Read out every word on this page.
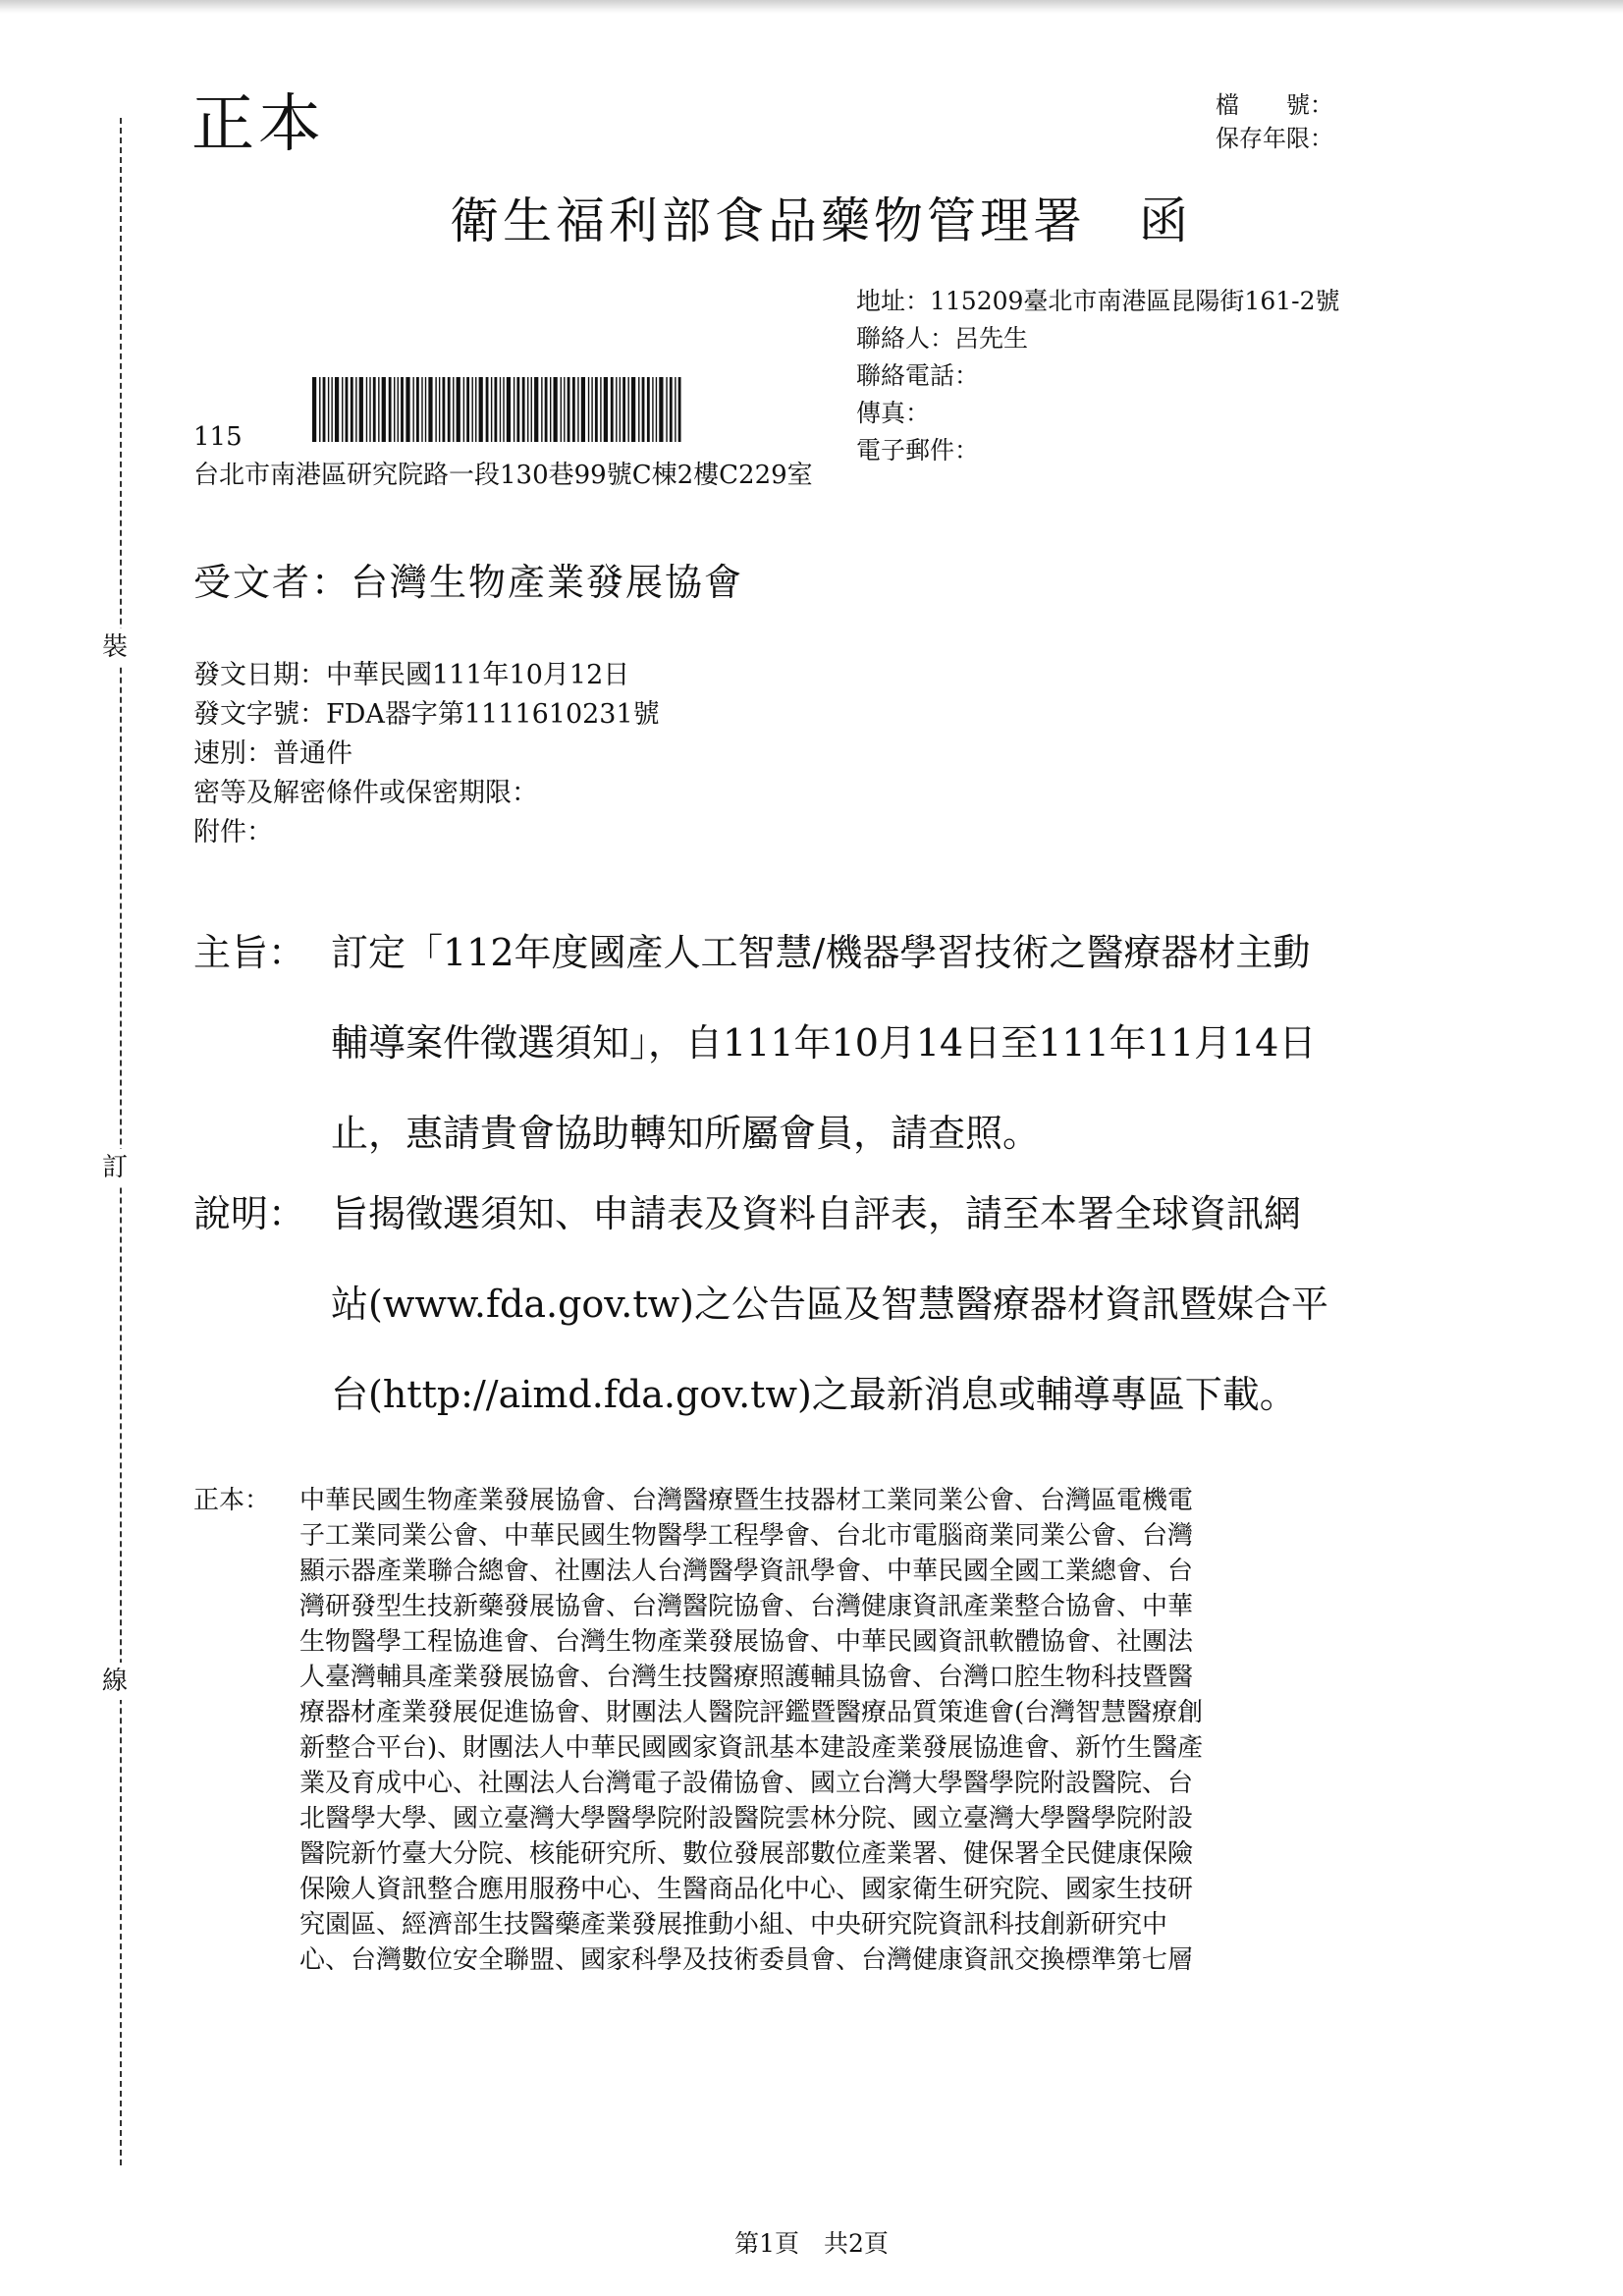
裝
訂
線
正本	檔　　號：
保存年限：
衛生福利部食品藥物管理署　函
地址：115209臺北市南港區昆陽街161-2號
聯絡人：呂先生
聯絡電話：
傳真：
電子郵件：
115
台北市南港區研究院路一段130巷99號C棟2樓C229室
受文者：台灣生物產業發展協會
發文日期：中華民國111年10月12日
發文字號：FDA器字第1111610231號
速別：普通件
密等及解密條件或保密期限：
附件：
主旨： 訂定「112年度國產人工智慧/機器學習技術之醫療器材主動
輔導案件徵選須知」，自111年10月14日至111年11月14日
止，惠請貴會協助轉知所屬會員，請查照。
說明： 旨揭徵選須知、申請表及資料自評表，請至本署全球資訊網
站(www.fda.gov.tw)之公告區及智慧醫療器材資訊暨媒合平
台(http://aimd.fda.gov.tw)之最新消息或輔導專區下載。
正本： 中華民國生物產業發展協會、台灣醫療暨生技器材工業同業公會、台灣區電機電
子工業同業公會、中華民國生物醫學工程學會、台北市電腦商業同業公會、台灣
顯示器產業聯合總會、社團法人台灣醫學資訊學會、中華民國全國工業總會、台
灣研發型生技新藥發展協會、台灣醫院協會、台灣健康資訊產業整合協會、中華
生物醫學工程協進會、台灣生物產業發展協會、中華民國資訊軟體協會、社團法
人臺灣輔具產業發展協會、台灣生技醫療照護輔具協會、台灣口腔生物科技暨醫
療器材產業發展促進協會、財團法人醫院評鑑暨醫療品質策進會(台灣智慧醫療創
新整合平台)、財團法人中華民國國家資訊基本建設產業發展協進會、新竹生醫產
業及育成中心、社團法人台灣電子設備協會、國立台灣大學醫學院附設醫院、台
北醫學大學、國立臺灣大學醫學院附設醫院雲林分院、國立臺灣大學醫學院附設
醫院新竹臺大分院、核能研究所、數位發展部數位產業署、健保署全民健康保險
保險人資訊整合應用服務中心、生醫商品化中心、國家衛生研究院、國家生技研
究園區、經濟部生技醫藥產業發展推動小組、中央研究院資訊科技創新研究中
心、台灣數位安全聯盟、國家科學及技術委員會、台灣健康資訊交換標準第七層
第1頁　共2頁
